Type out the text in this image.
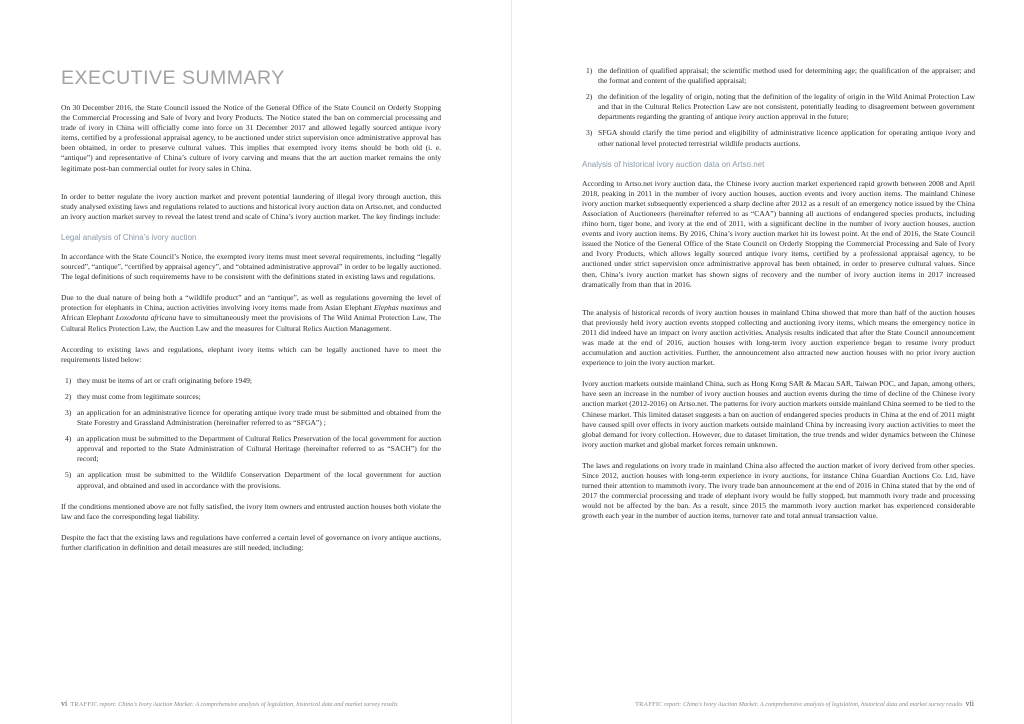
EXECUTIVE SUMMARY

On 30 December 2016, the State Council issued the Notice of the General Office of the State Council on Orderly Stopping the Commercial Processing and Sale of Ivory and Ivory Products. The Notice stated the ban on commercial processing and trade of ivory in China will officially come into force on 31 December 2017 and allowed legally sourced antique ivory items, certified by a professional appraisal agency, to be auctioned under strict supervision once administrative approval has been obtained, in order to preserve cultural values. This implies that exempted ivory items should be both old (i. e. “antique”) and representative of China’s culture of ivory carving and means that the art auction market remains the only legitimate post-ban commercial outlet for ivory sales in China.

In order to better regulate the ivory auction market and prevent potential laundering of illegal ivory through auction, this study analysed existing laws and regulations related to auctions and historical ivory auction data on Artso.net, and conducted an ivory auction market survey to reveal the latest trend and scale of China’s ivory auction market. The key findings include:

Legal analysis of China’s ivory auction

In accordance with the State Council’s Notice, the exempted ivory items must meet several requirements, including “legally sourced”, “antique”, “certified by appraisal agency”, and “obtained administrative approval” in order to be legally auctioned. The legal definitions of such requirements have to be consistent with the definitions stated in existing laws and regulations.

Due to the dual nature of being both a “wildlife product” and an “antique”, as well as regulations governing the level of protection for elephants in China, auction activities involving ivory items made from Asian Elephant Elephas maximus and African Elephant Loxodonta africana have to simultaneously meet the provisions of The Wild Animal Protection Law, The Cultural Relics Protection Law, the Auction Law and the measures for Cultural Relics Auction Management.

According to existing laws and regulations, elephant ivory items which can be legally auctioned have to meet the requirements listed below:

1) they must be items of art or craft originating before 1949;
2) they must come from legitimate sources;
3) an application for an administrative licence for operating antique ivory trade must be submitted and obtained from the State Forestry and Grassland Administration (hereinafter referred to as “SFGA”) ;
4) an application must be submitted to the Department of Cultural Relics Preservation of the local government for auction approval and reported to the State Administration of Cultural Heritage (hereinafter referred to as “SACH”) for the record;
5) an application must be submitted to the Wildlife Conservation Department of the local government for auction approval, and obtained and used in accordance with the provisions.

If the conditions mentioned above are not fully satisfied, the ivory item owners and entrusted auction houses both violate the law and face the corresponding legal liability.

Despite the fact that the existing laws and regulations have conferred a certain level of governance on ivory antique auctions, further clarification in definition and detail measures are still needed, including:

vi TRAFFIC report: China's Ivory Auction Market: A comprehensive analysis of legislation, historical data and market survey results
1) the definition of qualified appraisal; the scientific method used for determining age; the qualification of the appraiser; and the format and content of the qualified appraisal;
2) the definition of the legality of origin, noting that the definition of the legality of origin in the Wild Animal Protection Law and that in the Cultural Relics Protection Law are not consistent, potentially leading to disagreement between government departments regarding the granting of antique ivory auction approval in the future;
3) SFGA should clarify the time period and eligibility of administrative licence application for operating antique ivory and other national level protected terrestrial wildlife products auctions.
Analysis of historical ivory auction data on Artso.net

According to Artso.net ivory auction data, the Chinese ivory auction market experienced rapid growth between 2008 and April 2018, peaking in 2011 in the number of ivory auction houses, auction events and ivory auction items. The mainland Chinese ivory auction market subsequently experienced a sharp decline after 2012 as a result of an emergency notice issued by the China Association of Auctioneers (hereinafter referred to as “CAA”) banning all auctions of endangered species products, including rhino horn, tiger bone, and ivory at the end of 2011, with a significant decline in the number of ivory auction houses, auction events and ivory auction items. By 2016, China’s ivory auction market hit its lowest point. At the end of 2016, the State Council issued the Notice of the General Office of the State Council on Orderly Stopping the Commercial Processing and Sale of Ivory and Ivory Products, which allows legally sourced antique ivory items, certified by a professional appraisal agency, to be auctioned under strict supervision once administrative approval has been obtained, in order to preserve cultural values. Since then, China’s ivory auction market has shown signs of recovery and the number of ivory auction items in 2017 increased dramatically from than that in 2016.

The analysis of historical records of ivory auction houses in mainland China showed that more than half of the auction houses that previously held ivory auction events stopped collecting and auctioning ivory items, which means the emergency notice in 2011 did indeed have an impact on ivory auction activities. Analysis results indicated that after the State Council announcement was made at the end of 2016, auction houses with long-term ivory auction experience began to resume ivory product accumulation and auction activities. Further, the announcement also attracted new auction houses with no prior ivory auction experience to join the ivory auction market.

Ivory auction markets outside mainland China, such as Hong Kong SAR & Macau SAR, Taiwan POC, and Japan, among others, have seen an increase in the number of ivory auction houses and auction events during the time of decline of the Chinese ivory auction market (2012-2016) on Artso.net. The patterns for ivory auction markets outside mainland China seemed to be tied to the Chinese market. This limited dataset suggests a ban on auction of endangered species products in China at the end of 2011 might have caused spill over effects in ivory auction markets outside mainland China by increasing ivory auction activities to meet the global demand for ivory collection. However, due to dataset limitation, the true trends and wider dynamics between the Chinese ivory auction market and global market forces remain unknown.

The laws and regulations on ivory trade in mainland China also affected the auction market of ivory derived from other species. Since 2012, auction houses with long-term experience in ivory auctions, for instance China Guardian Auctions Co. Ltd, have turned their attention to mammoth ivory. The ivory trade ban announcement at the end of 2016 in China stated that by the end of 2017 the commercial processing and trade of elephant ivory would be fully stopped, but mammoth ivory trade and processing would not be affected by the ban. As a result, since 2015 the mammoth ivory auction market has experienced considerable growth each year in the number of auction items, turnover rate and total annual transaction value.

TRAFFIC report: China's Ivory Auction Market: A comprehensive analysis of legislation, historical data and market survey results vii
